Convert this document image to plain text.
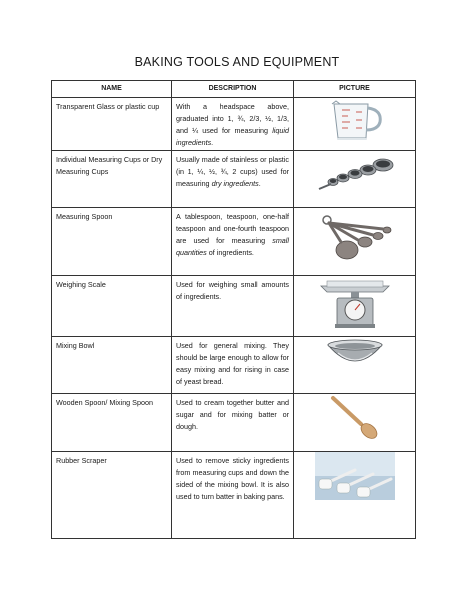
BAKING TOOLS AND EQUIPMENT
NAME	DESCRIPTION	PICTURE

Transparent Glass or plastic cup	With a headspace above, graduated into 1, ¾, 2/3, ½, 1/3, and ¼ used for measuring liquid ingredients.

Individual Measuring Cups or Dry Measuring Cups	Usually made of stainless or plastic (in 1, ¼, ½, ¾, 2 cups) used for measuring dry ingredients.

Measuring Spoon	A tablespoon, teaspoon, one-half teaspoon and one-fourth teaspoon are used for measuring small quantities of ingredients.

Weighing Scale	Used for weighing small amounts of ingredients.

Mixing Bowl	Used for general mixing. They should be large enough to allow for easy mixing and for rising in case of yeast bread.

Wooden Spoon/ Mixing Spoon	Used to cream together butter and sugar and for mixing batter or dough.

Rubber Scraper	Used to remove sticky ingredients from measuring cups and down the sided of the mixing bowl. It is also used to turn batter in baking pans.
